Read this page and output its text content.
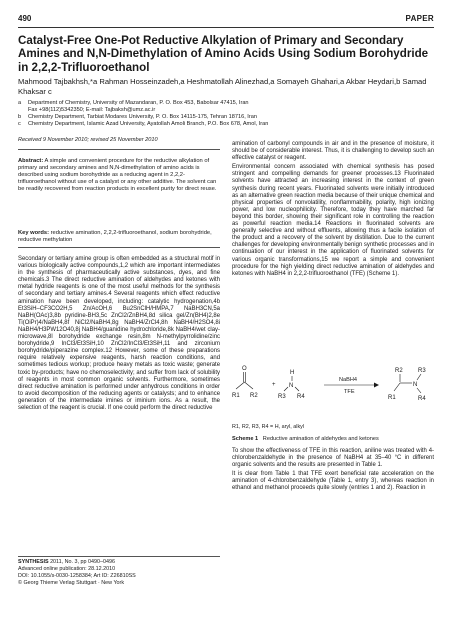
490	PAPER
Catalyst-Free One-Pot Reductive Alkylation of Primary and Secondary Amines and N,N-Dimethylation of Amino Acids Using Sodium Borohydride in 2,2,2-Trifluoroethanol
Mahmood Tajbakhsh,*a Rahman Hosseinzadeh,a Heshmatollah Alinezhad,a Somayeh Ghahari,a Akbar Heydari,b Samad Khaksar c
a Department of Chemistry, University of Mazandaran, P. O. Box 453, Babolsar 47415, Iran
Fax +98(112)5342350; E-mail: Tajbaksh@umz.ac.ir
b Chemistry Department, Tarbiat Modares University, P. O. Box 14115-175, Tehran 18716, Iran
c Chemistry Department, Islamic Azad University, Ayatollah Amoli Branch, P.O. Box 678, Amol, Iran
Received 9 November 2010; revised 25 November 2010
Abstract: A simple and convenient procedure for the reductive alkylation of primary and secondary amines and N,N-dimethylation of amino acids is described using sodium borohydride as a reducing agent in 2,2,2-trifluoroethanol without use of a catalyst or any other additive. The solvent can be readily recovered from reaction products in excellent purity for direct reuse.
Key words: reductive amination, 2,2,2-trifluoroethanol, sodium borohydride, reductive methylation

Secondary or tertiary amine group is often embedded as a structural motif in various biologically active compounds,1,2 which are important intermediates in the synthesis of pharmaceutically active substances, dyes, and fine chemicals.3 The direct reductive amination of aldehydes and ketones with metal hydride reagents is one of the most useful methods for the synthesis of secondary and tertiary amines.4 Several reagents which effect reductive amination have been developed, including: catalytic hydrogenation,4b Et3SiH–CF3CO2H,5 Zn/AcOH,6 Bu2SnClH/HMPA,7 NaBH3CN,5a NaBH(OAc)3,8b pyridine-BH3,5c ZnCl2/ZnBH4,8d silica gel/Zn(BH4)2,8e Ti(OiPr)4/NaBH4,8f NiCl2/NaBH4,8g NaBH4/ZrCl4,8h NaBH4/H2SO4,8i NaBH4/H3PW12O40,8j NaBH4/guanidine hydrochloride,8k NaBH4/wet clay-microwave,8l borohydride exchange resin,8m N-methylpyrrolidine/zinc borohydride,9 InCl3/Et3SiH,10 ZnCl2/InCl3/Et3SiH,11 and zirconium borohydride/piperazine complex.12 However, some of these preparations require relatively expensive reagents, harsh reaction conditions, and sometimes tedious workup; produce heavy metals as toxic waste; generate toxic by-products; have no chemoselectivity; and suffer from lack of solubility of reagents in most common organic solvents. Furthermore, sometimes direct reductive amination is performed under anhydrous conditions in order to avoid decomposition of the reducing agents or catalysts; and to enhance generation of the intermediate imines or iminium ions. As a result, the selection of the reagent is crucial. If one could perform the direct reductive

amination of carbonyl compounds in air and in the presence of moisture, it should be of considerable interest. Thus, it is challenging to develop such an effective catalyst or reagent.

Environmental concern associated with chemical synthesis has posed stringent and compelling demands for greener processes.13 Fluorinated solvents have attracted an increasing interest in the context of green synthesis during recent years. Fluorinated solvents were initially introduced as an alternative green reaction media because of their unique chemical and physical properties of nonvolatility, nonflammability, polarity, high ionizing power, and low nucleophilicity. Therefore, today they have marched far beyond this border, showing their significant role in controlling the reaction as powerful reaction media.14 Reactions in fluorinated solvents are generally selective and without effluents, allowing thus a facile isolation of the product and a recovery of the solvent by distillation. Due to the current challenges for developing environmentally benign synthetic processes and in continuation of our interest in the application of fluorinated solvents for various organic transformations,15 we report a simple and convenient procedure for the high yielding direct reductive amination of aldehydes and ketones with NaBH4 in 2,2,2-trifluoroethanol (TFE) (Scheme 1).

O
R1 R2
+
H
N
R3 R4
NaBH4
TFE
R2	R3
N
R1	R4
R1, R2, R3, R4 = H, aryl, alkyl
Scheme 1 Reductive amination of aldehydes and ketones

To show the effectiveness of TFE in this reaction, aniline was treated with 4-chlorobenzaldehyde in the presence of NaBH4 at 35–40 °C in different organic solvents and the results are presented in Table 1.

It is clear from Table 1 that TFE exert beneficial rate acceleration on the amination of 4-chlorobenzaldehyde (Table 1, entry 3), whereas reaction in ethanol and methanol proceeds quite slowly (entries 1 and 2). Reaction in

SYNTHESIS 2011, No. 3, pp 0490–0496
Advanced online publication: 28.12.2010
DOI: 10.1055/s-0030-1258384; Art ID: Z26810SS
© Georg Thieme Verlag Stuttgart · New York
